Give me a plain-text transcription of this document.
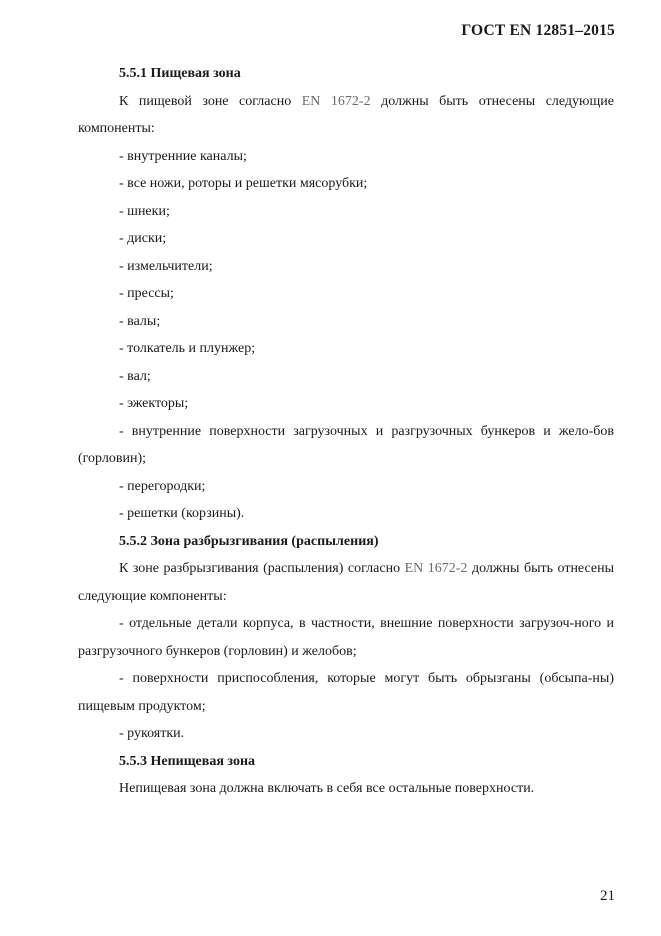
ГОСТ EN 12851–2015
5.5.1 Пищевая зона
К пищевой зоне согласно EN 1672-2 должны быть отнесены следующие компоненты:
- внутренние каналы;
- все ножи, роторы и решетки мясорубки;
- шнеки;
- диски;
- измельчители;
- прессы;
- валы;
- толкатель и плунжер;
- вал;
- эжекторы;
- внутренние поверхности загрузочных и разгрузочных бункеров и жело-бов (горловин);
- перегородки;
- решетки (корзины).
5.5.2 Зона разбрызгивания (распыления)
К зоне разбрызгивания (распыления) согласно EN 1672-2 должны быть отнесены следующие компоненты:
- отдельные детали корпуса, в частности, внешние поверхности загрузоч-ного и разгрузочного бункеров (горловин) и желобов;
- поверхности приспособления, которые могут быть обрызганы (обсыпа-ны) пищевым продуктом;
- рукоятки.
5.5.3 Непищевая зона
Непищевая зона должна включать в себя все остальные поверхности.
21
